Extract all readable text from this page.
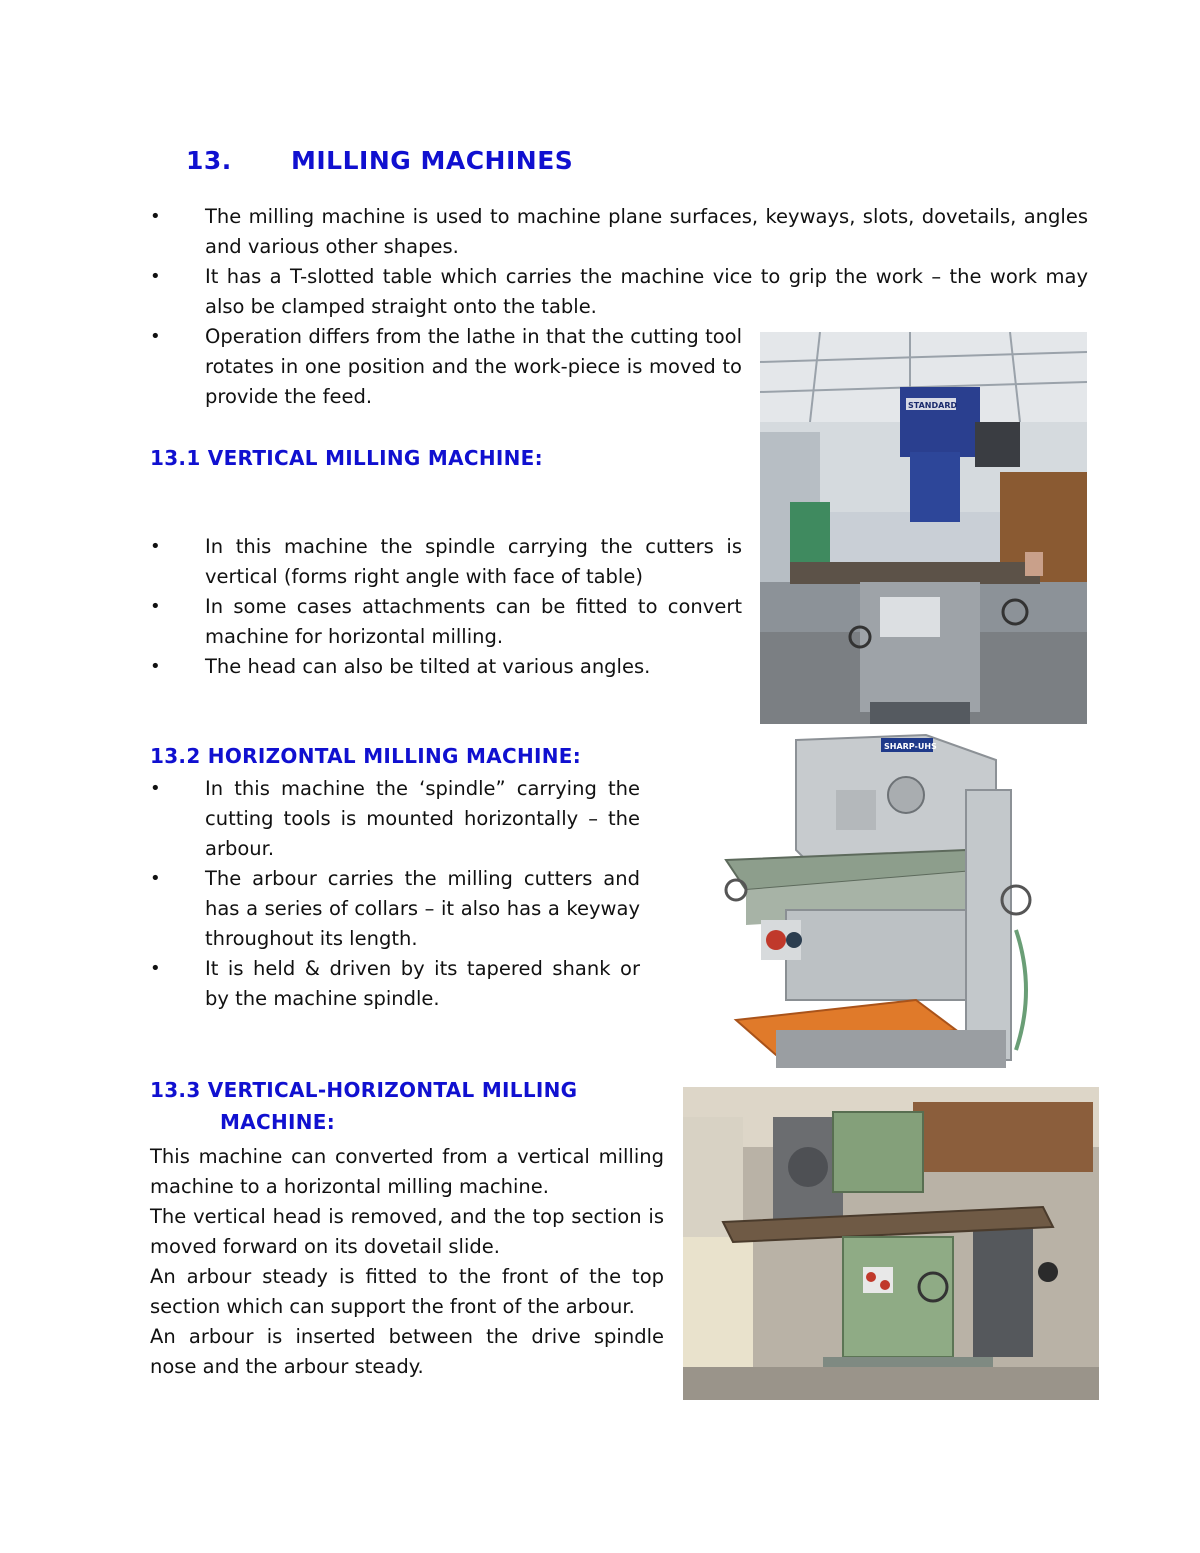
13. MILLING MACHINES
• The milling machine is used to machine plane surfaces, keyways, slots, dovetails, angles and various other shapes.
• It has a T-slotted table which carries the machine vice to grip the work – the work may also be clamped straight onto the table.
• Operation differs from the lathe in that the cutting tool rotates in one position and the work-piece is moved to provide the feed.
13.1 VERTICAL MILLING MACHINE:
• In this machine the spindle carrying the cutters is vertical (forms right angle with face of table)
• In some cases attachments can be fitted to convert machine for horizontal milling.
• The head can also be tilted at various angles.
13.2 HORIZONTAL MILLING MACHINE:
• In this machine the ‘spindle” carrying the cutting tools is mounted horizontally – the arbour.
• The arbour carries the milling cutters and has a series of collars – it also has a keyway throughout its length.
• It is held & driven by its tapered shank or by the machine spindle.
13.3 VERTICAL-HORIZONTAL MILLING
MACHINE:
This machine can converted from a vertical milling machine to a horizontal milling machine.
The vertical head is removed, and the top section is moved forward on its dovetail slide.
An arbour steady is fitted to the front of the top section which can support the front of the arbour.
An arbour is inserted between the drive spindle nose and the arbour steady.
STANDARD
SHARP-UHS
